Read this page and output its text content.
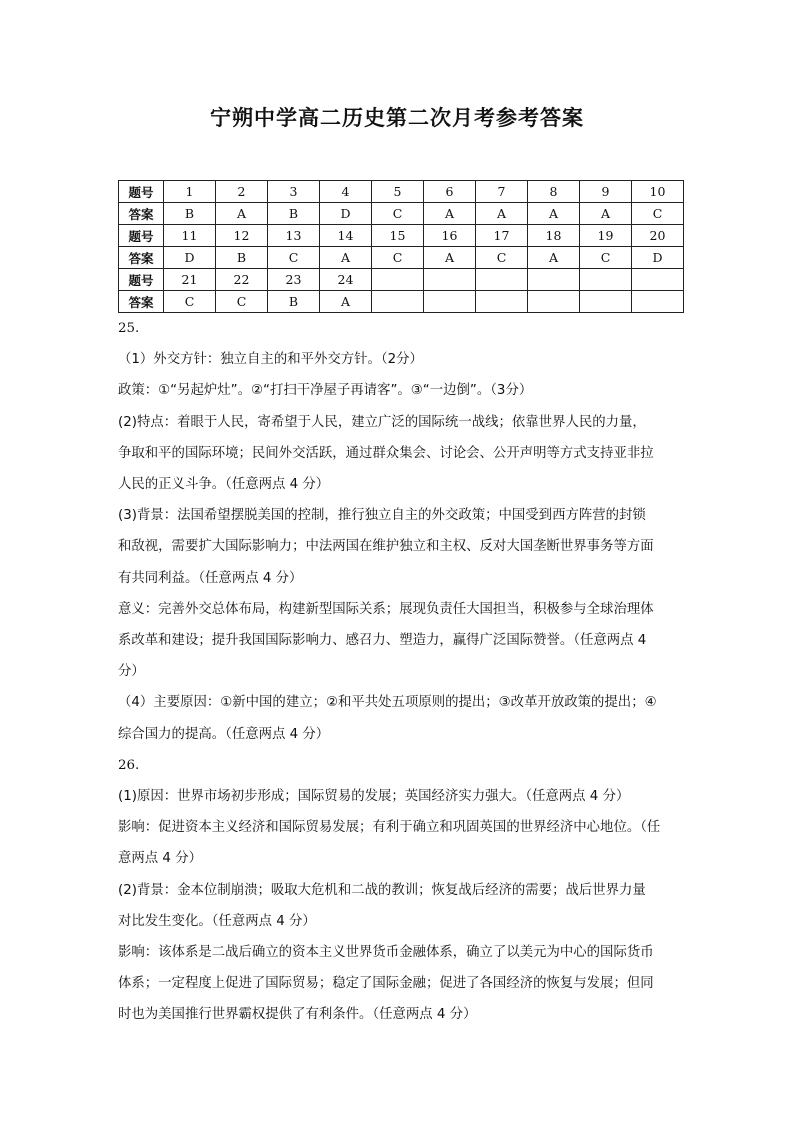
宁朔中学高二历史第二次月考参考答案
题号	1	2	3	4	5	6	7	8	9	10
答案	B	A	B	D	C	A	A	A	A	C
题号	11	12	13	14	15	16	17	18	19	20
答案	D	B	C	A	C	A	C	A	C	D
题号	21	22	23	24						
答案	C	C	B	A						

25.

（1）外交方针：独立自主的和平外交方针。（2分）

政策：①“另起炉灶”。②“打扫干净屋子再请客”。③“一边倒”。（3分）

(2)特点：着眼于人民，寄希望于人民，建立广泛的国际统一战线；依靠世界人民的力量，

争取和平的国际环境；民间外交活跃，通过群众集会、讨论会、公开声明等方式支持亚非拉

人民的正义斗争。（任意两点 4 分）

(3)背景：法国希望摆脱美国的控制，推行独立自主的外交政策；中国受到西方阵营的封锁

和敌视，需要扩大国际影响力；中法两国在维护独立和主权、反对大国垄断世界事务等方面

有共同利益。（任意两点 4 分）

意义：完善外交总体布局，构建新型国际关系；展现负责任大国担当，积极参与全球治理体

系改革和建设；提升我国国际影响力、感召力、塑造力，赢得广泛国际赞誉。（任意两点 4

分）

（4）主要原因：①新中国的建立；②和平共处五项原则的提出；③改革开放政策的提出；④

综合国力的提高。（任意两点 4 分）

26.

(1)原因：世界市场初步形成；国际贸易的发展；英国经济实力强大。（任意两点 4 分）

影响：促进资本主义经济和国际贸易发展；有利于确立和巩固英国的世界经济中心地位。（任

意两点 4 分）

(2)背景：金本位制崩溃；吸取大危机和二战的教训；恢复战后经济的需要；战后世界力量

对比发生变化。（任意两点 4 分）

影响：该体系是二战后确立的资本主义世界货币金融体系，确立了以美元为中心的国际货币

体系；一定程度上促进了国际贸易；稳定了国际金融；促进了各国经济的恢复与发展；但同

时也为美国推行世界霸权提供了有利条件。（任意两点 4 分）
